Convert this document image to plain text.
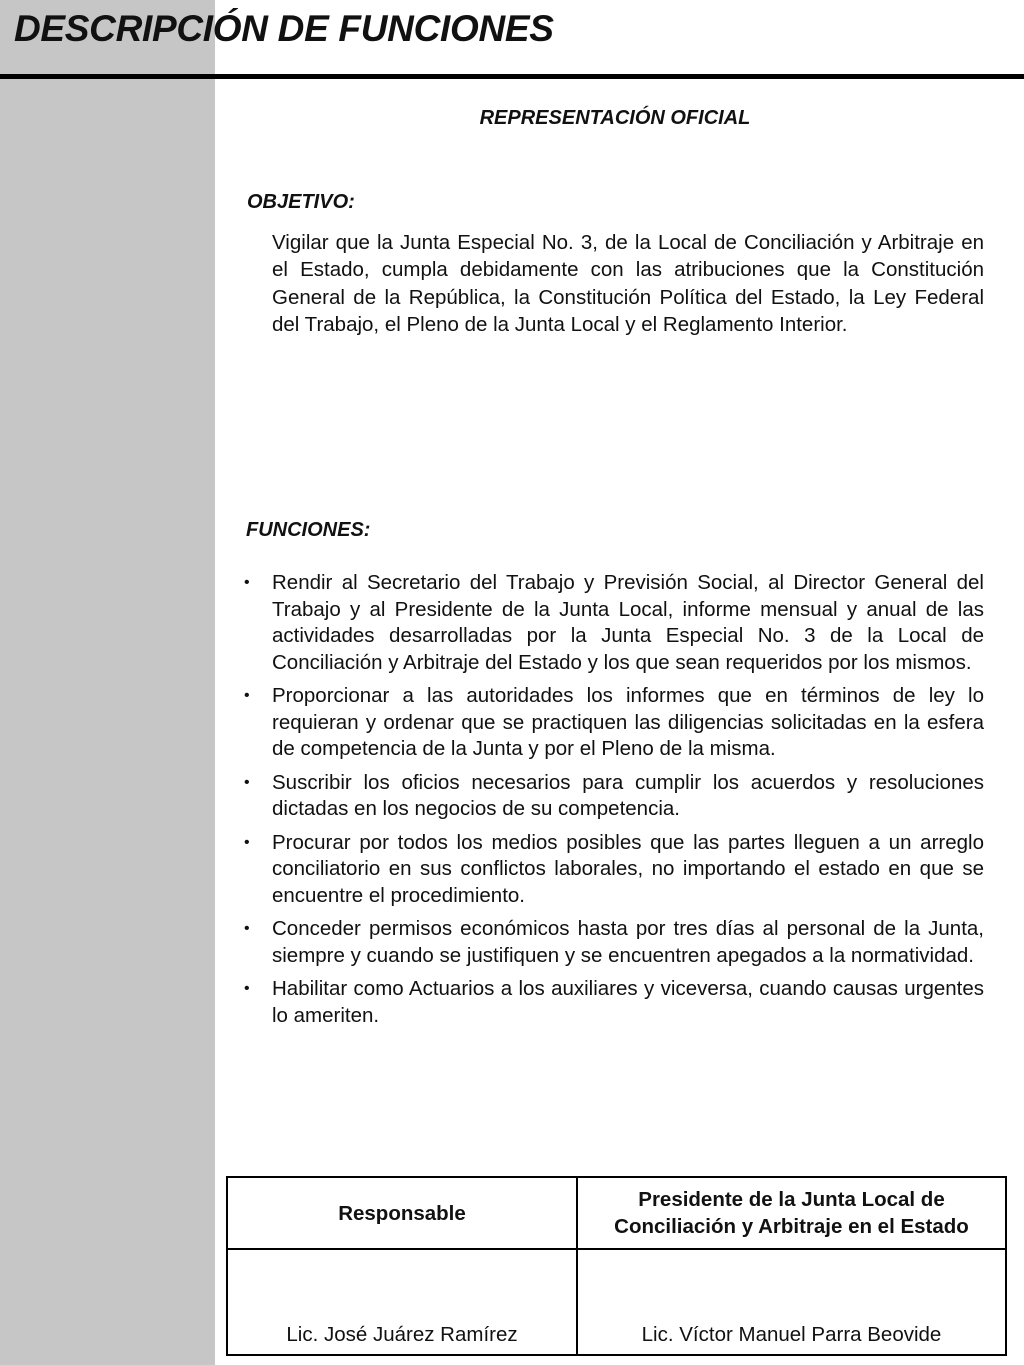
DESCRIPCIÓN DE FUNCIONES
REPRESENTACIÓN OFICIAL
OBJETIVO:

Vigilar que la Junta Especial No. 3, de la Local de Conciliación y Arbitraje en el Estado, cumpla debidamente con las atribuciones que la Constitución General de la República, la Constitución Política del Estado, la Ley Federal del Trabajo, el Pleno de la Junta Local y el Reglamento Interior.

FUNCIONES:
• Rendir al Secretario del Trabajo y Previsión Social, al Director General del Trabajo y al Presidente de la Junta Local, informe mensual y anual de las actividades desarrolladas por la Junta Especial No. 3 de la Local de Conciliación y Arbitraje del Estado y los que sean requeridos por los mismos.
• Proporcionar a las autoridades los informes que en términos de ley lo requieran y ordenar que se practiquen las diligencias solicitadas en la esfera de competencia de la Junta y por el Pleno de la misma.
• Suscribir los oficios necesarios para cumplir los acuerdos y resoluciones dictadas en los negocios de su competencia.
• Procurar por todos los medios posibles que las partes lleguen a un arreglo conciliatorio en sus conflictos laborales, no importando el estado en que se encuentre el procedimiento.
• Conceder permisos económicos hasta por tres días al personal de la Junta, siempre y cuando se justifiquen y se encuentren apegados a la normatividad.
• Habilitar como Actuarios a los auxiliares y viceversa, cuando causas urgentes lo ameriten.
Responsable	Presidente de la Junta Local de Conciliación y Arbitraje en el Estado
Lic. José Juárez Ramírez	Lic. Víctor Manuel Parra Beovide
